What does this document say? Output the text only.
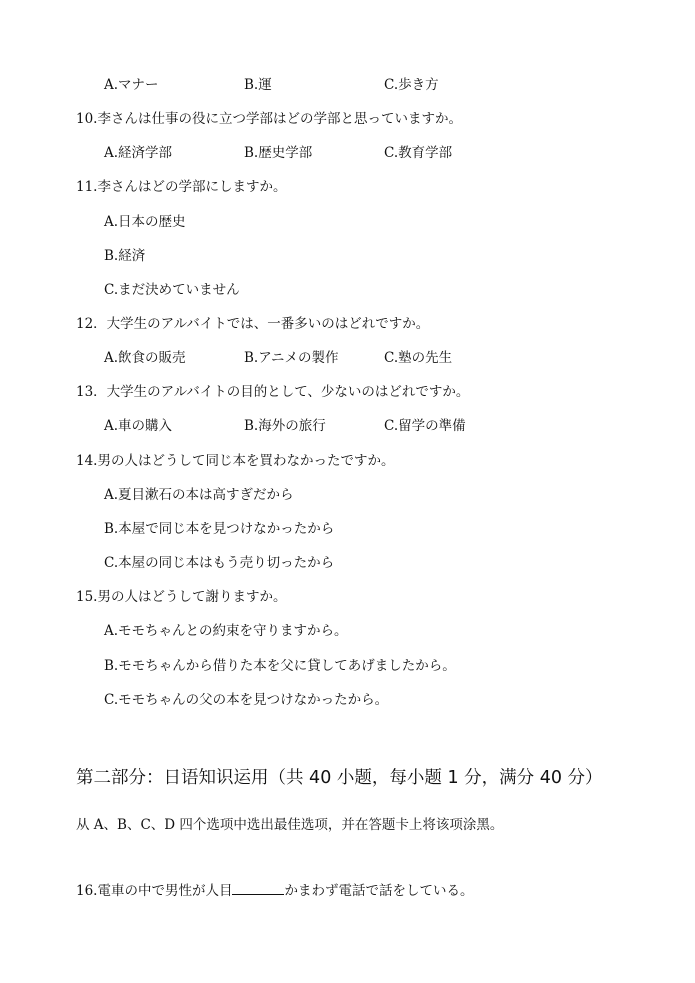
A.マナー	B.運	C.歩き方
10.李さんは仕事の役に立つ学部はどの学部と思っていますか。
A.経済学部	B.歴史学部	C.教育学部
11.李さんはどの学部にしますか。
A.日本の歴史
B.経済
C.まだ決めていません
12．大学生のアルバイトでは、一番多いのはどれですか。
A.飲食の販売	B.アニメの製作	C.塾の先生
13．大学生のアルバイトの目的として、少ないのはどれですか。
A.車の購入	B.海外の旅行	C.留学の準備
14.男の人はどうして同じ本を買わなかったですか。
A.夏目漱石の本は高すぎだから
B.本屋で同じ本を見つけなかったから
C.本屋の同じ本はもう売り切ったから
15.男の人はどうして謝りますか。
A.モモちゃんとの約束を守りますから。
B.モモちゃんから借りた本を父に貸してあげましたから。
C.モモちゃんの父の本を見つけなかったから。
第二部分：日语知识运用（共 40 小题，每小题 1 分，满分 40 分）
从 A、B、C、D 四个选项中选出最佳选项，并在答题卡上将该项涂黑。
16.電車の中で男性が人目	かまわず電話で話をしている。
